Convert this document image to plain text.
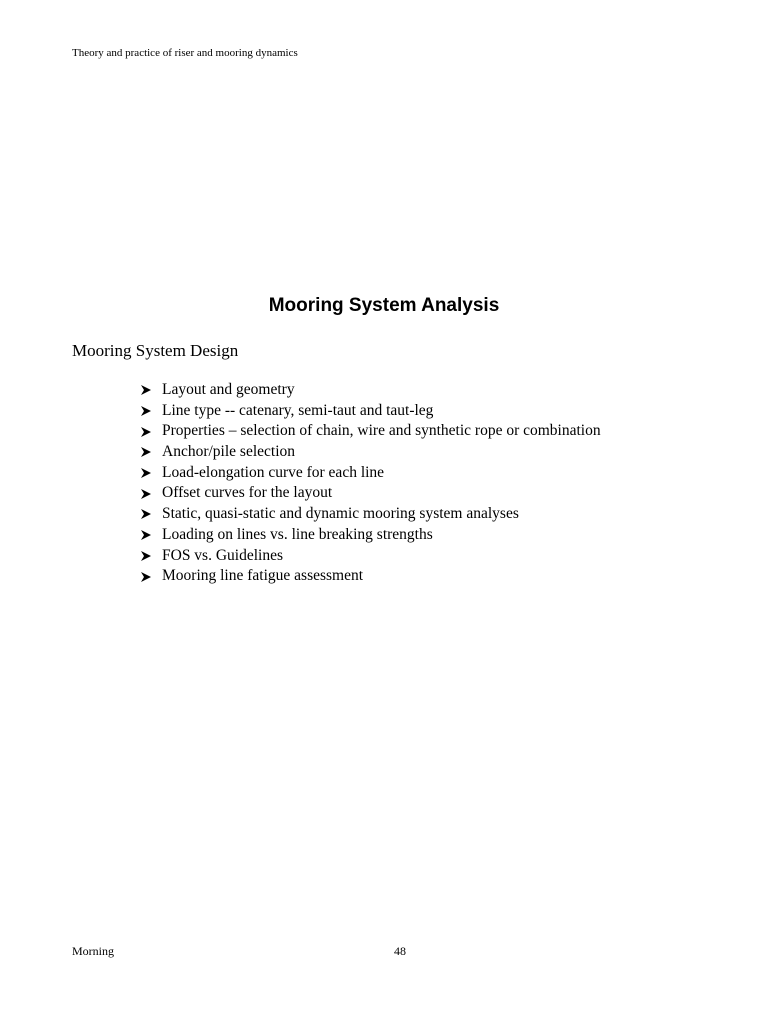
Theory and practice of riser and mooring dynamics
Mooring System Analysis
Mooring System Design
Layout and geometry
Line type -- catenary, semi-taut and taut-leg
Properties – selection of chain, wire and synthetic rope or combination
Anchor/pile selection
Load-elongation curve for each line
Offset curves for the layout
Static, quasi-static and dynamic mooring system analyses
Loading on lines vs. line breaking strengths
FOS vs. Guidelines
Mooring line fatigue assessment
Morning	48
